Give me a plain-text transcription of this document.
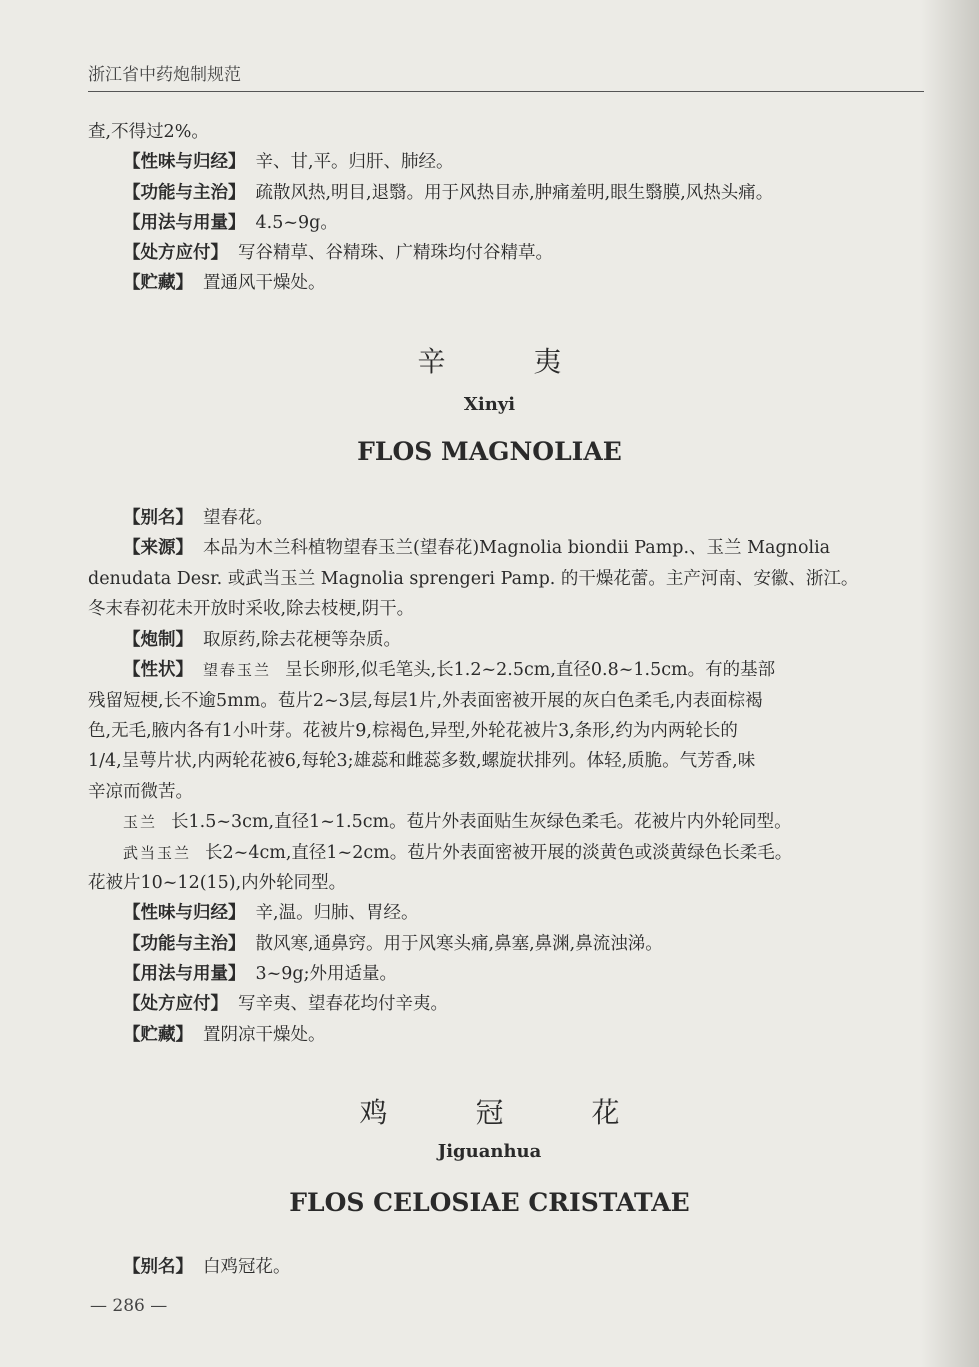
浙江省中药炮制规范
查,不得过2%。
【性味与归经】 辛、甘,平。归肝、肺经。
【功能与主治】 疏散风热,明目,退翳。用于风热目赤,肿痛羞明,眼生翳膜,风热头痛。
【用法与用量】 4.5~9g。
【处方应付】 写谷精草、谷精珠、广精珠均付谷精草。
【贮藏】 置通风干燥处。
辛	夷
Xinyi
FLOS MAGNOLIAE
【别名】 望春花。
【来源】 本品为木兰科植物望春玉兰(望春花)Magnolia biondii Pamp.、玉兰 Magnolia
denudata Desr. 或武当玉兰 Magnolia sprengeri Pamp. 的干燥花蕾。主产河南、安徽、浙江。
冬末春初花未开放时采收,除去枝梗,阴干。
【炮制】 取原药,除去花梗等杂质。
【性状】 望春玉兰 呈长卵形,似毛笔头,长1.2~2.5cm,直径0.8~1.5cm。有的基部
残留短梗,长不逾5mm。苞片2~3层,每层1片,外表面密被开展的灰白色柔毛,内表面棕褐
色,无毛,腋内各有1小叶芽。花被片9,棕褐色,异型,外轮花被片3,条形,约为内两轮长的
1/4,呈萼片状,内两轮花被6,每轮3;雄蕊和雌蕊多数,螺旋状排列。体轻,质脆。气芳香,味
辛凉而微苦。
玉兰 长1.5~3cm,直径1~1.5cm。苞片外表面贴生灰绿色柔毛。花被片内外轮同型。
武当玉兰 长2~4cm,直径1~2cm。苞片外表面密被开展的淡黄色或淡黄绿色长柔毛。
花被片10~12(15),内外轮同型。
【性味与归经】 辛,温。归肺、胃经。
【功能与主治】 散风寒,通鼻窍。用于风寒头痛,鼻塞,鼻渊,鼻流浊涕。
【用法与用量】 3~9g;外用适量。
【处方应付】 写辛夷、望春花均付辛夷。
【贮藏】 置阴凉干燥处。
鸡	冠	花
Jiguanhua
FLOS CELOSIAE CRISTATAE
【别名】 白鸡冠花。
— 286 —
